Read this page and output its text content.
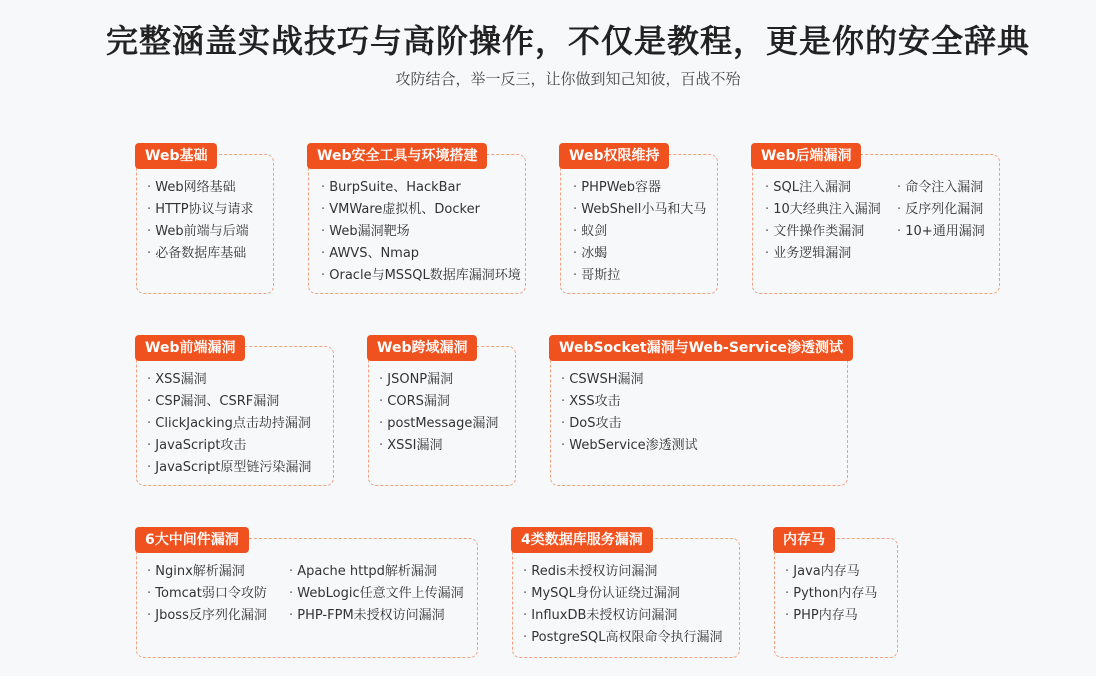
完整涵盖实战技巧与高阶操作，不仅是教程，更是你的安全辞典
攻防结合，举一反三，让你做到知己知彼，百战不殆
Web基础
· Web网络基础
· HTTP协议与请求
· Web前端与后端
· 必备数据库基础
Web安全工具与环境搭建
· BurpSuite、HackBar
· VMWare虚拟机、Docker
· Web漏洞靶场
· AWVS、Nmap
· Oracle与MSSQL数据库漏洞环境
Web权限维持
· PHPWeb容器
· WebShell小马和大马
· 蚁剑
· 冰蝎
· 哥斯拉
Web后端漏洞
· SQL注入漏洞
· 10大经典注入漏洞
· 文件操作类漏洞
· 业务逻辑漏洞
· 命令注入漏洞
· 反序列化漏洞
· 10+通用漏洞
Web前端漏洞
· XSS漏洞
· CSP漏洞、CSRF漏洞
· ClickJacking点击劫持漏洞
· JavaScript攻击
· JavaScript原型链污染漏洞
Web跨域漏洞
· JSONP漏洞
· CORS漏洞
· postMessage漏洞
· XSSI漏洞
WebSocket漏洞与Web-Service渗透测试
· CSWSH漏洞
· XSS攻击
· DoS攻击
· WebService渗透测试
6大中间件漏洞
· Nginx解析漏洞
· Tomcat弱口令攻防
· Jboss反序列化漏洞
· Apache httpd解析漏洞
· WebLogic任意文件上传漏洞
· PHP-FPM未授权访问漏洞
4类数据库服务漏洞
· Redis未授权访问漏洞
· MySQL身份认证绕过漏洞
· InfluxDB未授权访问漏洞
· PostgreSQL高权限命令执行漏洞
内存马
· Java内存马
· Python内存马
· PHP内存马
